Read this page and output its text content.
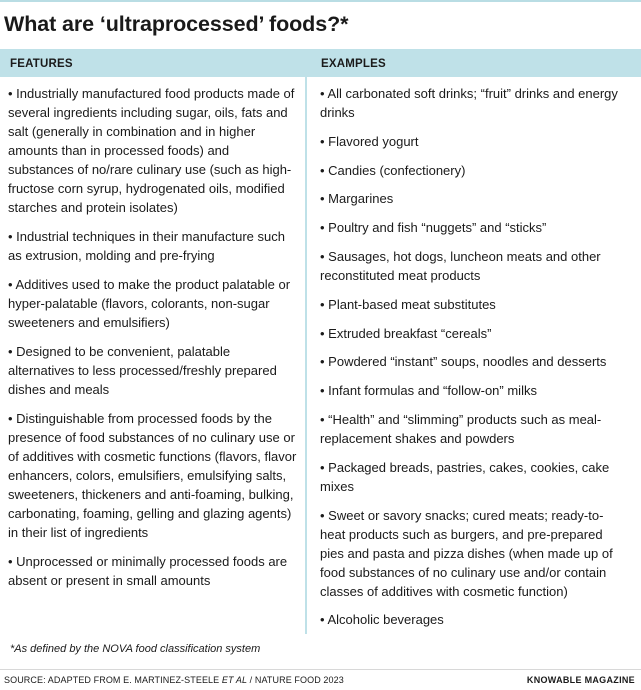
What are ‘ultraprocessed’ foods?*
FEATURES	EXAMPLES
• Industrially manufactured food products made of several ingredients including sugar, oils, fats and salt (generally in combination and in higher amounts than in processed foods) and substances of no/rare culinary use (such as high-fructose corn syrup, hydrogenated oils, modified starches and protein isolates)
• Industrial techniques in their manufacture such as extrusion, molding and pre-frying
• Additives used to make the product palatable or hyper-palatable (flavors, colorants, non-sugar sweeteners and emulsifiers)
• Designed to be convenient, palatable alternatives to less processed/freshly prepared dishes and meals
• Distinguishable from processed foods by the presence of food substances of no culinary use or of additives with cosmetic functions (flavors, flavor enhancers, colors, emulsifiers, emulsifying salts, sweeteners, thickeners and anti-foaming, bulking, carbonating, foaming, gelling and glazing agents) in their list of ingredients
• Unprocessed or minimally processed foods are absent or present in small amounts
• All carbonated soft drinks; “fruit” drinks and energy drinks
• Flavored yogurt
• Candies (confectionery)
• Margarines
• Poultry and fish “nuggets” and “sticks”
• Sausages, hot dogs, luncheon meats and other reconstituted meat products
• Plant-based meat substitutes
• Extruded breakfast “cereals”
• Powdered “instant” soups, noodles and desserts
• Infant formulas and “follow-on” milks
• “Health” and “slimming” products such as meal-replacement shakes and powders
• Packaged breads, pastries, cakes, cookies, cake mixes
• Sweet or savory snacks; cured meats; ready-to-heat products such as burgers, and pre-prepared pies and pasta and pizza dishes (when made up of food substances of no culinary use and/or contain classes of additives with cosmetic function)
• Alcoholic beverages

*As defined by the NOVA food classification system

SOURCE: ADAPTED FROM E. MARTINEZ-STEELE ET AL / NATURE FOOD 2023	KNOWABLE MAGAZINE
